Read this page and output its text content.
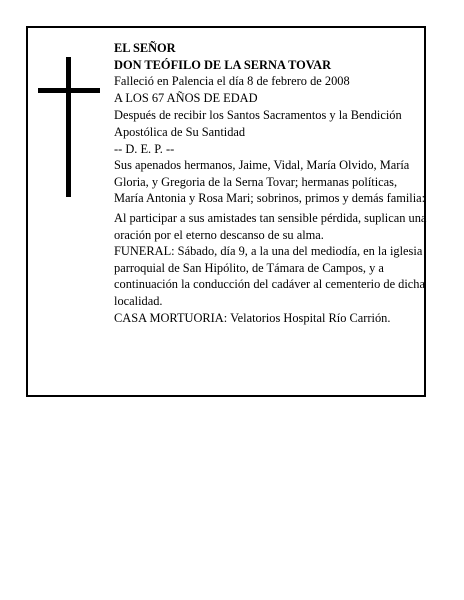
EL SEÑOR

DON TEÓFILO DE LA SERNA TOVAR

Falleció en Palencia el día 8 de febrero de 2008

A LOS 67 AÑOS DE EDAD

Después de recibir los Santos Sacramentos y la Bendición Apostólica de Su Santidad

-- D. E. P. --

Sus apenados hermanos, Jaime, Vidal, María Olvido, María Gloria, y Gregoria de la Serna Tovar; hermanas políticas, María Antonia y Rosa Mari; sobrinos, primos y demás familia:

Al participar a sus amistades tan sensible pérdida, suplican una oración por el eterno descanso de su alma.

FUNERAL: Sábado, día 9, a la una del mediodía, en la iglesia parroquial de San Hipólito, de Támara de Campos, y a continuación la conducción del cadáver al cementerio de dicha localidad.

CASA MORTUORIA: Velatorios Hospital Río Carrión.
